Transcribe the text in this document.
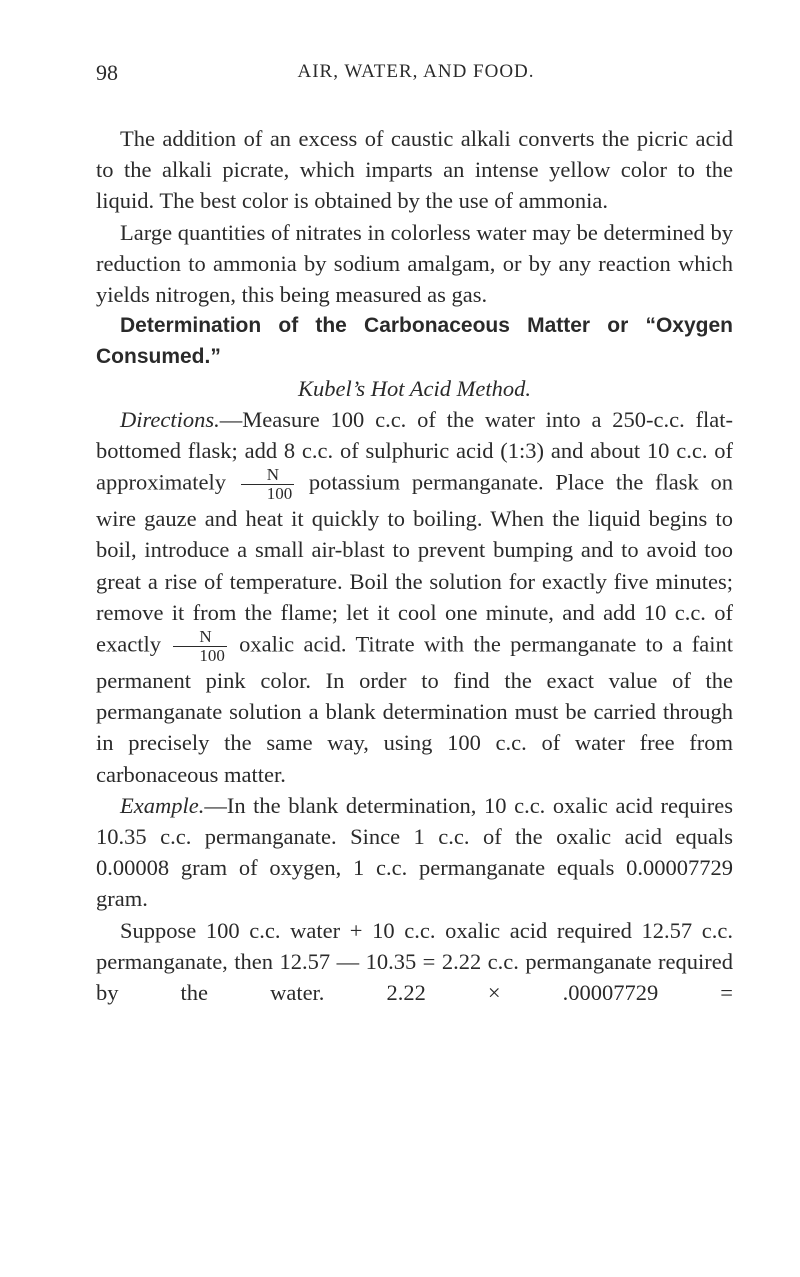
98	AIR, WATER, AND FOOD.

The addition of an excess of caustic alkali converts the picric acid to the alkali picrate, which imparts an intense yellow color to the liquid. The best color is obtained by the use of ammonia.

Large quantities of nitrates in colorless water may be determined by reduction to ammonia by sodium amalgam, or by any reaction which yields nitrogen, this being measured as gas.

Determination of the Carbonaceous Matter or “Oxygen Consumed.”

Kubel’s Hot Acid Method.

Directions.—Measure 100 c.c. of the water into a 250-c.c. flat-bottomed flask; add 8 c.c. of sulphuric acid (1:3) and about 10 c.c. of approximately $\frac{N}{100}$ potassium permanganate. Place the flask on wire gauze and heat it quickly to boiling. When the liquid begins to boil, introduce a small air-blast to prevent bumping and to avoid too great a rise of temperature. Boil the solution for exactly five minutes; remove it from the flame; let it cool one minute, and add 10 c.c. of exactly $\frac{N}{100}$ oxalic acid. Titrate with the permanganate to a faint permanent pink color. In order to find the exact value of the permanganate solution a blank determination must be carried through in precisely the same way, using 100 c.c. of water free from carbonaceous matter.

Example.—In the blank determination, 10 c.c. oxalic acid requires 10.35 c.c. permanganate. Since 1 c.c. of the oxalic acid equals 0.00008 gram of oxygen, 1 c.c. permanganate equals 0.00007729 gram.

Suppose 100 c.c. water + 10 c.c. oxalic acid required 12.57 c.c. permanganate, then 12.57 — 10.35 = 2.22 c.c. permanganate required by the water. 2.22 × .00007729 =
